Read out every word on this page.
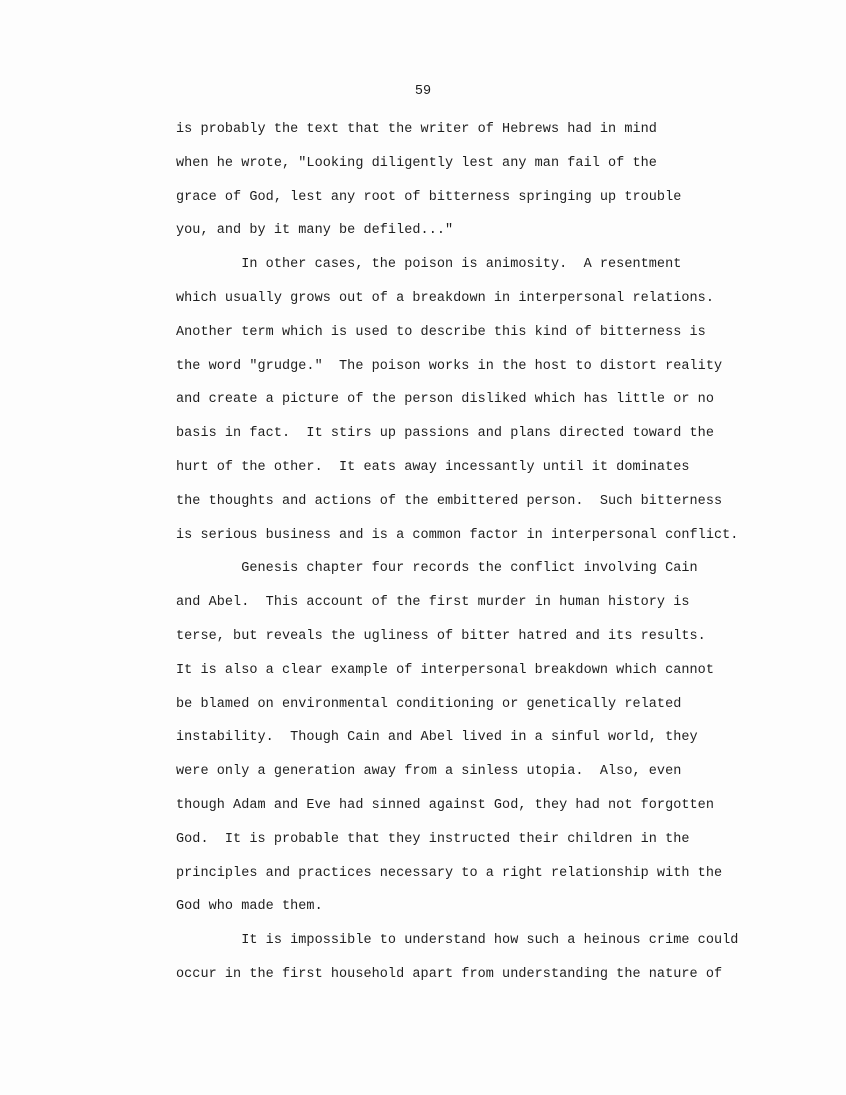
59
is probably the text that the writer of Hebrews had in mind
when he wrote, "Looking diligently lest any man fail of the
grace of God, lest any root of bitterness springing up trouble
you, and by it many be defiled..."
In other cases, the poison is animosity.  A resentment
which usually grows out of a breakdown in interpersonal relations.
Another term which is used to describe this kind of bitterness is
the word "grudge."  The poison works in the host to distort reality
and create a picture of the person disliked which has little or no
basis in fact.  It stirs up passions and plans directed toward the
hurt of the other.  It eats away incessantly until it dominates
the thoughts and actions of the embittered person.  Such bitterness
is serious business and is a common factor in interpersonal conflict.
Genesis chapter four records the conflict involving Cain
and Abel.  This account of the first murder in human history is
terse, but reveals the ugliness of bitter hatred and its results.
It is also a clear example of interpersonal breakdown which cannot
be blamed on environmental conditioning or genetically related
instability.  Though Cain and Abel lived in a sinful world, they
were only a generation away from a sinless utopia.  Also, even
though Adam and Eve had sinned against God, they had not forgotten
God.  It is probable that they instructed their children in the
principles and practices necessary to a right relationship with the
God who made them.
It is impossible to understand how such a heinous crime could
occur in the first household apart from understanding the nature of
